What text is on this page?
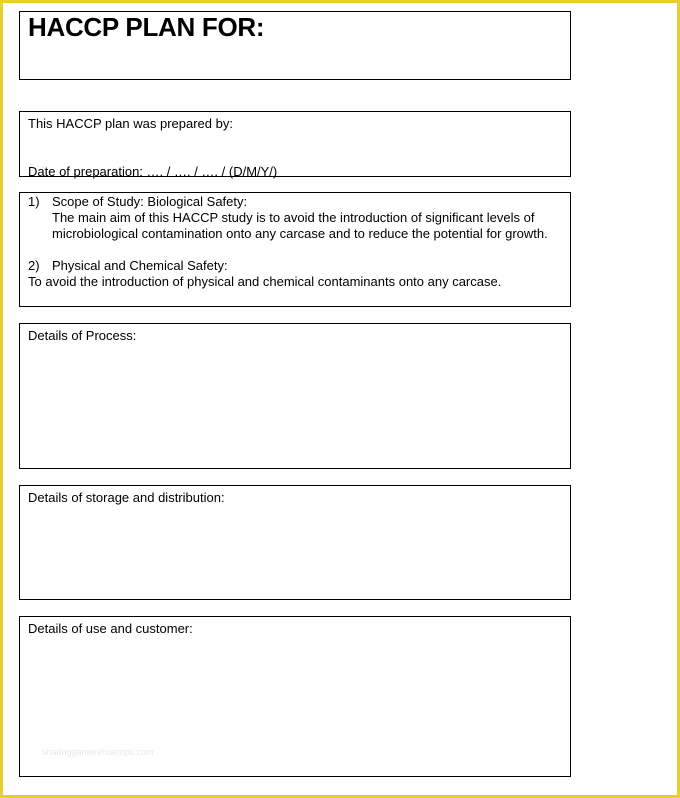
HACCP PLAN FOR:
This HACCP plan was prepared by:
Date of preparation: …. / …. / …. / (D/M/Y/)
1) Scope of Study: Biological Safety:
The main aim of this HACCP study is to avoid the introduction of significant levels of microbiological contamination onto any carcase and to reduce the potential for growth.
2) Physical and Chemical Safety:
To avoid the introduction of physical and chemical contaminants onto any carcase.
Details of Process:
Details of storage and distribution:
Details of use and customer:
sharinggamerehuetrips.com
